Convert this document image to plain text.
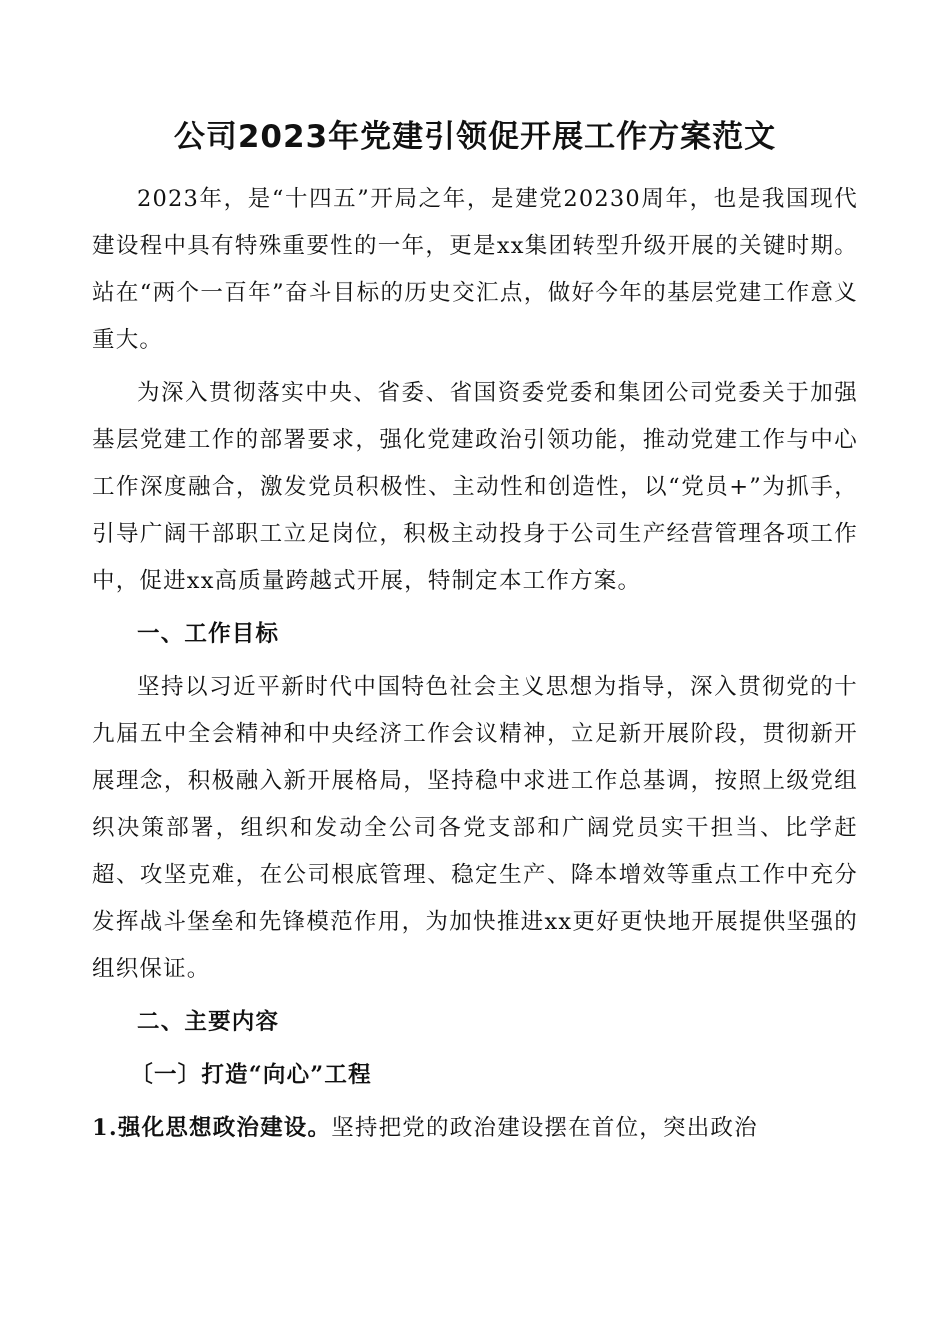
公司2023年党建引领促开展工作方案范文

2023年，是“十四五”开局之年，是建党20230周年，也是我国现代建设程中具有特殊重要性的一年，更是xx集团转型升级开展的关键时期。站在“两个一百年”奋斗目标的历史交汇点，做好今年的基层党建工作意义重大。

为深入贯彻落实中央、省委、省国资委党委和集团公司党委关于加强基层党建工作的部署要求，强化党建政治引领功能，推动党建工作与中心工作深度融合，激发党员积极性、主动性和创造性，以“党员+”为抓手，引导广阔干部职工立足岗位，积极主动投身于公司生产经营管理各项工作中，促进xx高质量跨越式开展，特制定本工作方案。

一、工作目标

坚持以习近平新时代中国特色社会主义思想为指导，深入贯彻党的十九届五中全会精神和中央经济工作会议精神，立足新开展阶段，贯彻新开展理念，积极融入新开展格局，坚持稳中求进工作总基调，按照上级党组织决策部署，组织和发动全公司各党支部和广阔党员实干担当、比学赶超、攻坚克难，在公司根底管理、稳定生产、降本增效等重点工作中充分发挥战斗堡垒和先锋模范作用，为加快推进xx更好更快地开展提供坚强的组织保证。

二、主要内容

〔一〕打造“向心”工程

1.强化思想政治建设。坚持把党的政治建设摆在首位，突出政治
